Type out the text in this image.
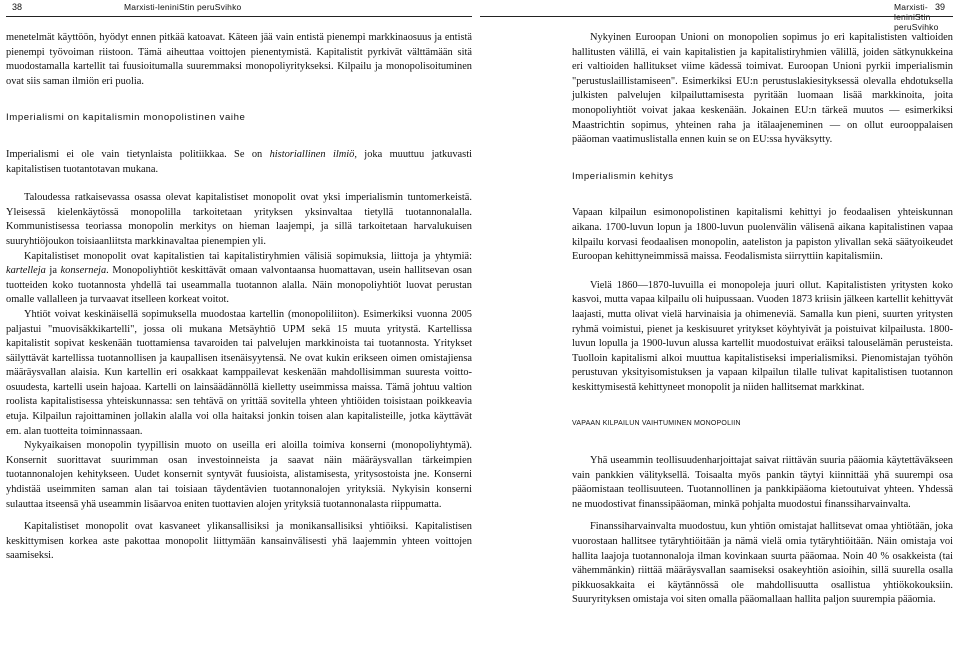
38	Marxisti-leniniStin peruSvihko

menetelmät käyttöön, hyödyt ennen pitkää katoavat. Käteen jää vain entistä pienempi markkinaosuus ja entistä pienempi työvoiman riistoon. Tämä aiheuttaa voittojen pienentymistä. Kapitalistit pyrkivät välttämään sitä muodostamalla kartellit tai fuusioitumalla suuremmaksi monopoliyritykseksi. Kilpailu ja monopolisoituminen ovat siis saman ilmiön eri puolia.

Imperialismi on kapitalismin monopolistinen vaihe

Imperialismi ei ole vain tietynlaista politiikkaa. Se on historiallinen ilmiö, joka muuttuu jatkuvasti kapitalistisen tuotantotavan mukana.

Taloudessa ratkaisevassa osassa olevat kapitalistiset monopolit ovat yksi imperialismin tuntomerkeistä. Yleisessä kielenkäytössä monopolilla tarkoitetaan yrityksen yksinvaltaa tietyllä tuotannonalalla. Kommunistisessa teoriassa monopolin merkitys on hieman laajempi, ja sillä tarkoitetaan harvalukuisen suuryhtiöjoukon toisiaanliitsta markkinavaltaa pienempien yli.

Kapitalistiset monopolit ovat kapitalistien tai kapitalistiryhmien välisiä sopimuksia, liittoja ja yhtymiä: kartelleja ja konserneja. Monopoliyhtiöt keskittävät omaan valvontaansa huomattavan, usein hallitsevan osan tuotteiden koko tuotannosta yhdellä tai useammalla tuotannon alalla. Näin monopoliyhtiöt luovat perustan omalle vallalleen ja turvaavat itselleen korkeat voitot.

Yhtiöt voivat keskinäisellä sopimuksella muodostaa kartellin (monopoliliiton). Esimerkiksi vuonna 2005 paljastui "muovisäkkikartelli", jossa oli mukana Metsäyhtiö UPM sekä 15 muuta yritystä. Kartellissa kapitalistit sopivat keskenään tuottamiensa tavaroiden tai palvelujen markkinoista tai tuotannosta. Yritykset säilyttävät kartellissa tuotannollisen ja kaupallisen itsenäisyytensä. Ne ovat kukin erikseen oimen omistajiensa määräysvallan alaisia. Kun kartellin eri osakkaat kamppailevat keskenään mahdollisimman suuresta voitto-osuudesta, kartelli usein hajoaa. Kartelli on lainsäädännöllä kielletty useimmissa maissa. Tämä johtuu valtion roolista kapitalistisessa yhteiskunnassa: sen tehtävä on yrittää sovitella yhteen yhtiöiden toisistaan poikkeavia etuja. Kilpailun rajoittaminen jollakin alalla voi olla haitaksi jonkin toisen alan kapitalisteille, jotka käyttävät em. alan tuotteita toiminnassaan.

Nykyaikaisen monopolin tyypillisin muoto on useilla eri aloilla toimiva konserni (monopoliyhtymä). Konsernit suorittavat suurimman osan investoinneista ja saavat näin määräysvallan tärkeimpien tuotannonalojen kehitykseen. Uudet konsernit syntyvät fuusioista, alistamisesta, yritysostoista jne. Konserni yhdistää useimmiten saman alan tai toisiaan täydentävien tuotannonalojen yrityksiä. Nykyisin konserni sulauttaa itseensä yhä useammin lisäarvoa eniten tuottavien alojen yrityksiä tuotannonalasta riippumatta.

Kapitalistiset monopolit ovat kasvaneet ylikansallisiksi ja monikansallisiksi yhtiöiksi. Kapitalistisen keskittymisen korkea aste pakottaa monopolit liittymään kansainvälisesti yhä laajemmin yhteen voittojen saamiseksi.

Marxisti-leniniStin peruSvihko
39

Nykyinen Euroopan Unioni on monopolien sopimus jo eri kapitalististen valtioiden hallitusten välillä, ei vain kapitalistien ja kapitalistiryhmien välillä, joiden sätkynukkeina eri valtioiden hallitukset viime kädessä toimivat. Euroopan Unioni pyrkii imperialismin "perustuslaillistamiseen". Esimerkiksi EU:n perustuslakiesityksessä olevalla ehdotuksella julkisten palvelujen kilpailuttamisesta pyritään luomaan lisää markkinoita, joita monopoliyhtiöt voivat jakaa keskenään. Jokainen EU:n tärkeä muutos — esimerkiksi Maastrichtin sopimus, yhteinen raha ja itälaajeneminen — on ollut eurooppalaisen pääoman vaatimuslistalla ennen kuin se on EU:ssa hyväksytty.

Imperialismin kehitys

Vapaan kilpailun esimonopolistinen kapitalismi kehittyi jo feodaalisen yhteiskunnan aikana. 1700-luvun lopun ja 1800-luvun puolenvälin välisenä aikana kapitalistinen vapaa kilpailu korvasi feodaalisen monopolin, aateliston ja papiston ylivallan sekä säätyoikeudet Euroopan kehittyneimmissä maissa. Feodalismista siirryttiin kapitalismiin.

Vielä 1860—1870-luvuilla ei monopoleja juuri ollut. Kapitalististen yritysten koko kasvoi, mutta vapaa kilpailu oli huipussaan. Vuoden 1873 kriisin jälkeen kartellit kehittyvät laajasti, mutta olivat vielä harvinaisia ja ohimeneviä. Samalla kun pieni, suurten yritysten ryhmä voimistui, pienet ja keskisuuret yritykset köyhtyivät ja poistuivat kilpailusta. 1800-luvun lopulla ja 1900-luvun alussa kartellit muodostuivat eräiksi talouselämän perusteista. Tuolloin kapitalismi alkoi muuttua kapitalistiseksi imperialismiksi. Pienomistajan työhön perustuvan yksityisomistuksen ja vapaan kilpailun tilalle tulivat kapitalistisen tuotannon keskittymisestä kehittyneet monopolit ja niiden hallitsemat markkinat.

VAPAAN KILPAILUN VAIHTUMINEN MONOPOLIIN

Yhä useammin teollisuudenharjoittajat saivat riittävän suuria pääomia käytettäväkseen vain pankkien välityksellä. Toisaalta myös pankin täytyi kiinnittää yhä suurempi osa pääomistaan teollisuuteen. Tuotannollinen ja pankkipääoma kietoutuivat yhteen. Yhdessä ne muodostivat finanssipääoman, minkä pohjalta muodostui finanssiharvainvalta.

Finanssiharvainvalta muodostuu, kun yhtiön omistajat hallitsevat omaa yhtiötään, joka vuorostaan hallitsee tytäryhtiöitään ja nämä vielä omia tytäryhtiöitään. Näin omistaja voi hallita laajoja tuotannonaloja ilman kovinkaan suurta pääomaa. Noin 40 % osakkeista (tai vähemmänkin) riittää määräysvallan saamiseksi osakeyhtiön asioihin, sillä suurella osalla pikkuosakkaita ei käytännössä ole mahdollisuutta osallistua yhtiökokouksiin. Suuryrityksen omistaja voi siten omalla pääomallaan hallita paljon suurempia pääomia.
